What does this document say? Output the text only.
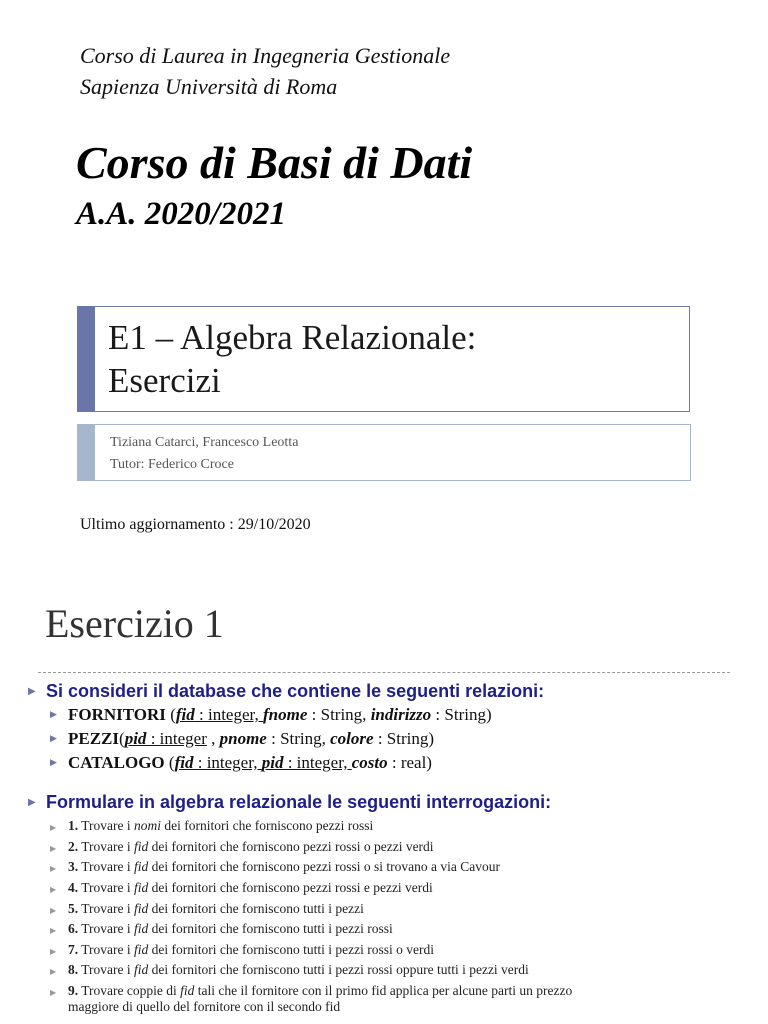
Corso di Laurea in Ingegneria Gestionale
Sapienza Università di Roma
Corso di Basi di Dati
A.A. 2020/2021
E1 – Algebra Relazionale:
Esercizi
Tiziana Catarci, Francesco Leotta
Tutor: Federico Croce
Ultimo aggiornamento : 29/10/2020
Esercizio 1
▶ Si consideri il database che contiene le seguenti relazioni:
▶ FORNITORI (fid : integer, fnome : String, indirizzo : String)
▶ PEZZI(pid : integer , pnome : String, colore : String)
▶ CATALOGO (fid : integer, pid : integer, costo : real)
▶ Formulare in algebra relazionale le seguenti interrogazioni:
▶ 1. Trovare i nomi dei fornitori che forniscono pezzi rossi
▶ 2. Trovare i fid dei fornitori che forniscono pezzi rossi o pezzi verdi
▶ 3. Trovare i fid dei fornitori che forniscono pezzi rossi o si trovano a via Cavour
▶ 4. Trovare i fid dei fornitori che forniscono pezzi rossi e pezzi verdi
▶ 5. Trovare i fid dei fornitori che forniscono tutti i pezzi
▶ 6. Trovare i fid dei fornitori che forniscono tutti i pezzi rossi
▶ 7. Trovare i fid dei fornitori che forniscono tutti i pezzi rossi o verdi
▶ 8. Trovare i fid dei fornitori che forniscono tutti i pezzi rossi oppure tutti i pezzi verdi
▶ 9. Trovare coppie di fid tali che il fornitore con il primo fid applica per alcune parti un prezzo
maggiore di quello del fornitore con il secondo fid
